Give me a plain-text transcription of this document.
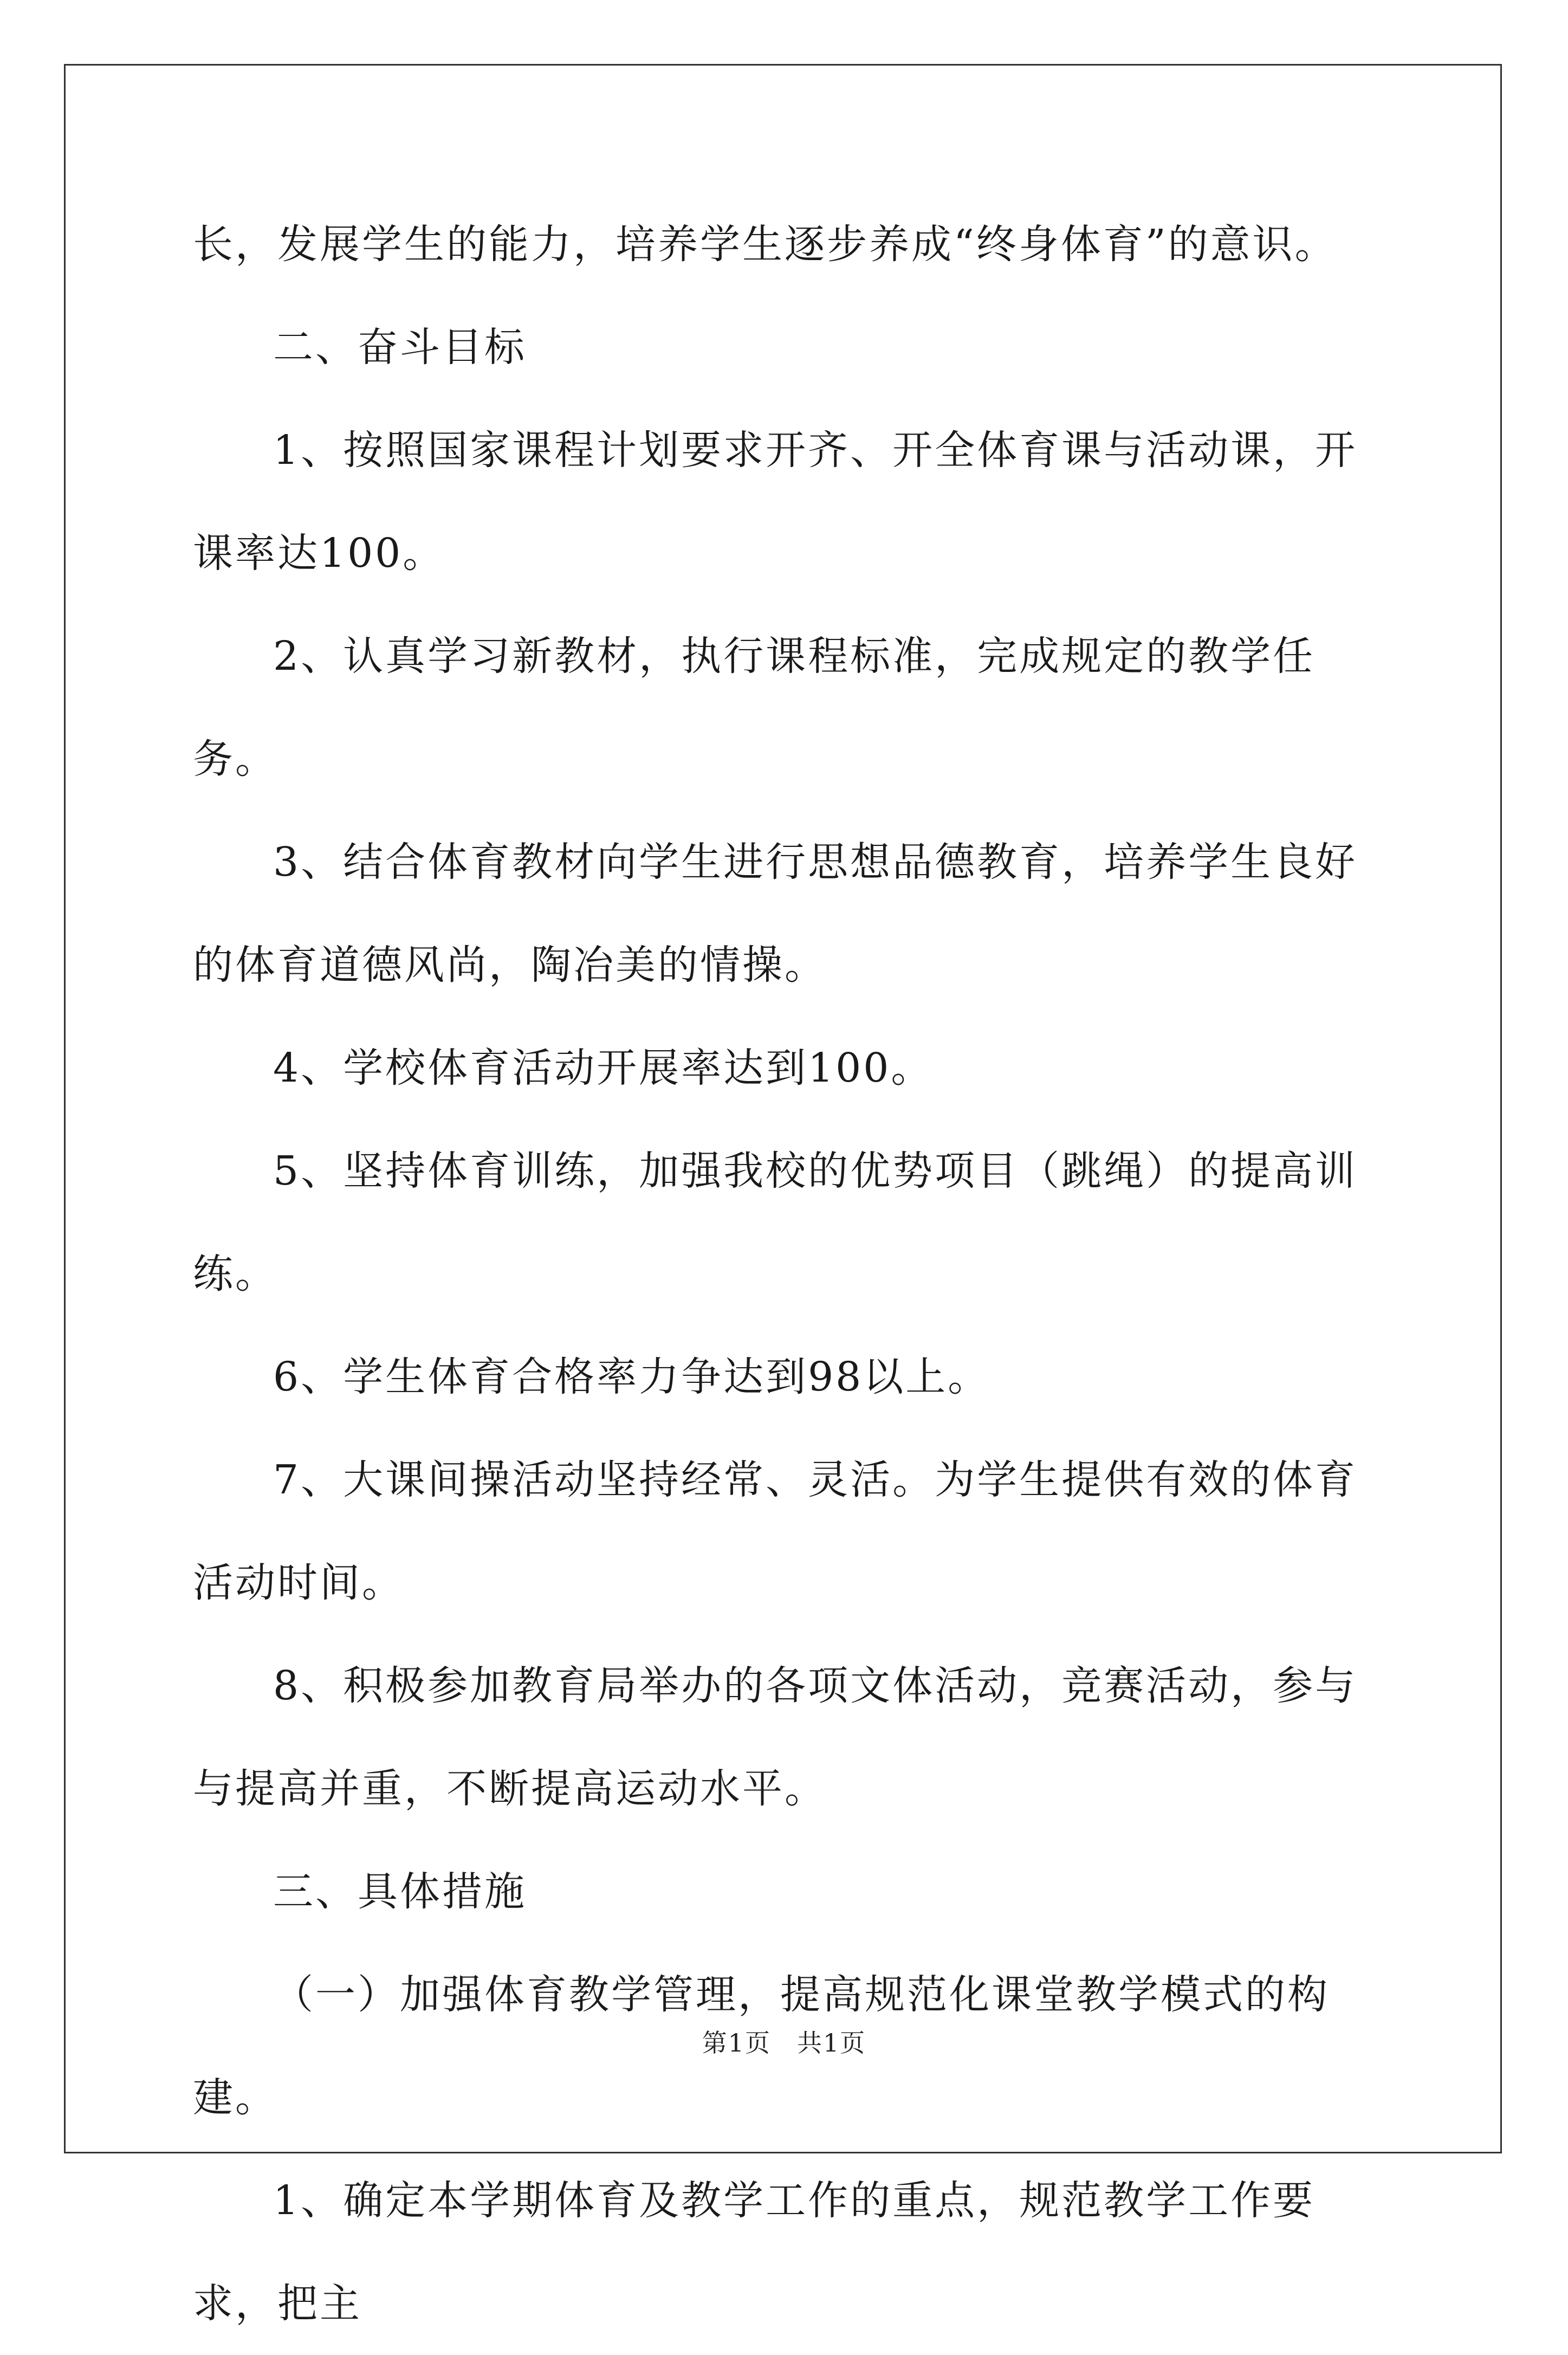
长，发展学生的能力，培养学生逐步养成“终身体育”的意识。

二、奋斗目标

1、按照国家课程计划要求开齐、开全体育课与活动课，开课率达100。

2、认真学习新教材，执行课程标准，完成规定的教学任务。

3、结合体育教材向学生进行思想品德教育，培养学生良好的体育道德风尚，陶冶美的情操。

4、学校体育活动开展率达到100。

5、坚持体育训练，加强我校的优势项目（跳绳）的提高训练。

6、学生体育合格率力争达到98以上。

7、大课间操活动坚持经常、灵活。为学生提供有效的体育活动时间。

8、积极参加教育局举办的各项文体活动，竞赛活动，参与与提高并重，不断提高运动水平。

三、具体措施

（一）加强体育教学管理，提高规范化课堂教学模式的构建。

1、确定本学期体育及教学工作的重点，规范教学工作要求，把主

第1页　共1页
